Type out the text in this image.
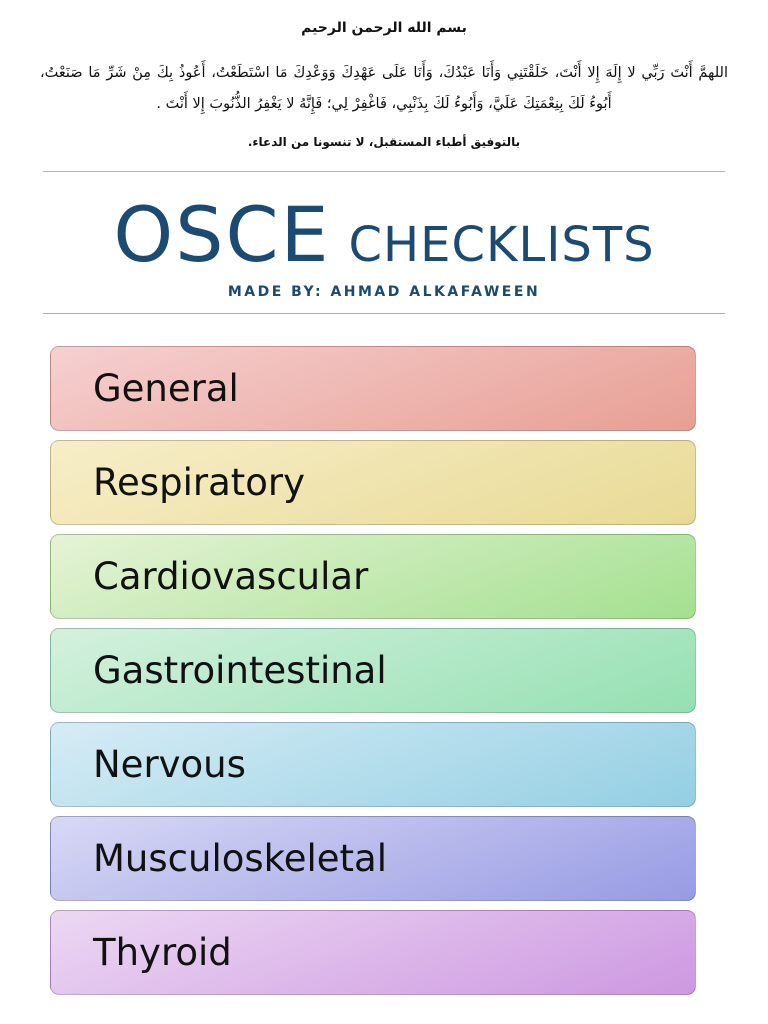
بسم الله الرحمن الرحيم
اللهمَّ أَنْتَ رَبِّي لا إِلَهَ إِلا أَنْتَ، خَلَقْتَنِي وَأَنَا عَبْدُكَ، وَأَنَا عَلَى عَهْدِكَ وَوَعْدِكَ مَا اسْتَطَعْتُ، أَعُوذُ بِكَ مِنْ شَرِّ مَا صَنَعْتُ، أَبُوءُ لَكَ بِنِعْمَتِكَ عَلَيَّ، وَأَبُوءُ لَكَ بِذَنْبِي، فَاغْفِرْ لِي؛ فَإِنَّهُ لا يَغْفِرُ الذُّنُوبَ إِلا أَنْتَ .
بالتوفيق أطباء المستقبل، لا تنسونا من الدعاء.
OSCE CHECKLISTS
MADE BY: AHMAD ALKAFAWEEN
General
Respiratory
Cardiovascular
Gastrointestinal
Nervous
Musculoskeletal
Thyroid
